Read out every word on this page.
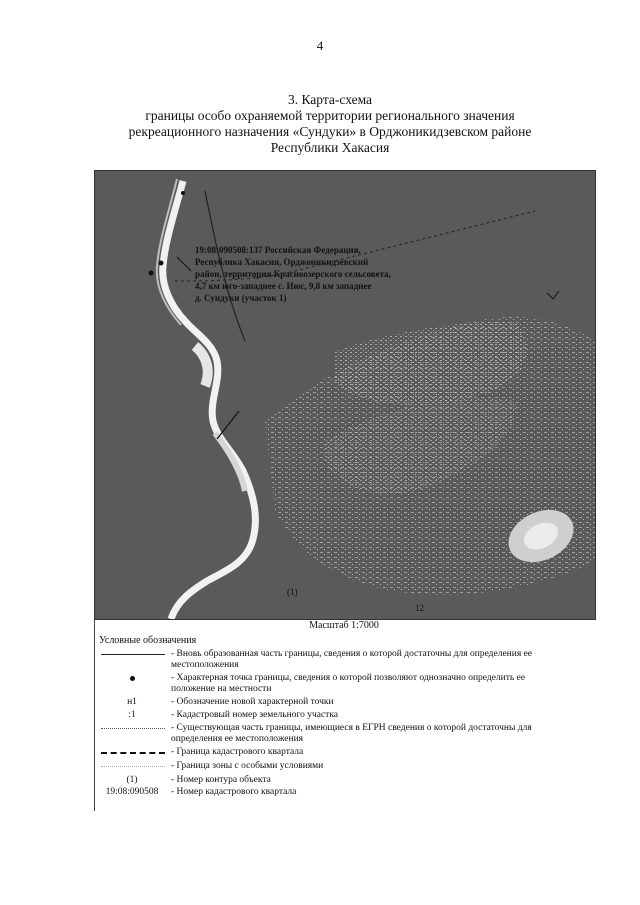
4
3. Карта-схема
границы особо охраняемой территории регионального значения
рекреационного назначения «Сундуки» в Орджоникидзевском районе
Республики Хакасия
19:08:090508:137 Российская Федерация,
Республика Хакасия, Орджоникидзевский
район, территория Красноозерского сельсовета,
4,7 км юго-западнее с. Июс, 9,8 км западнее
д. Сундуки (участок 1)
(1)
12
Масштаб 1:7000
Условные обозначения
- Вновь образованная часть границы, сведения о которой достаточны для определения ее местоположения
- Характерная точка границы, сведения о которой позволяют однозначно определить ее положение на местности
н1	- Обозначение новой характерной точки
:1	- Кадастровый номер земельного участка
- Существующая часть границы, имеющиеся в ЕГРН сведения о которой достаточны для определения ее местоположения
- Граница кадастрового квартала
- Граница зоны с особыми условиями
(1)	- Номер контура объекта
19:08:090508	- Номер кадастрового квартала
